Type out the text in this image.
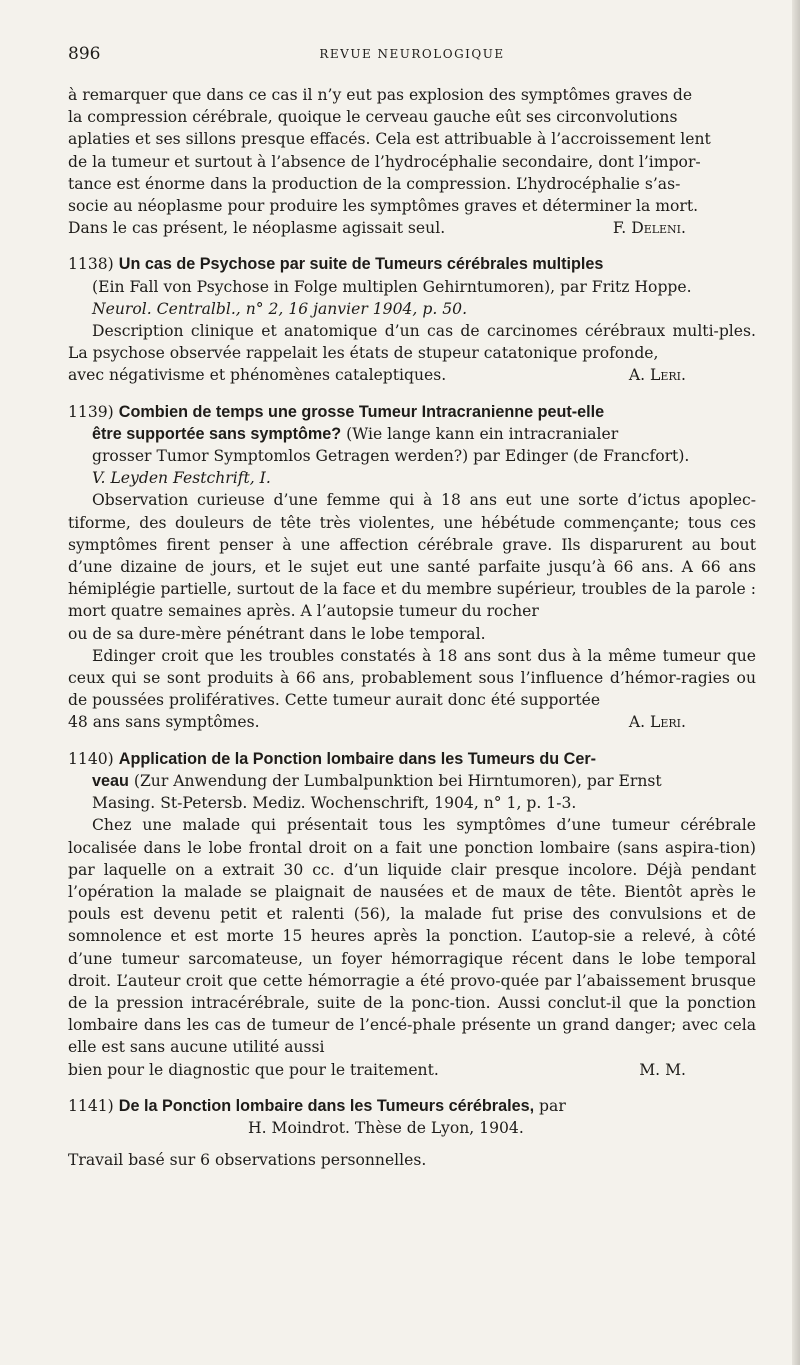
896	REVUE NEUROLOGIQUE

à remarquer que dans ce cas il n’y eut pas explosion des symptômes graves de

la compression cérébrale, quoique le cerveau gauche eût ses circonvolutions

aplaties et ses sillons presque effacés. Cela est attribuable à l’accroissement lent

de la tumeur et surtout à l’absence de l’hydrocéphalie secondaire, dont l’impor-

tance est énorme dans la production de la compression. L’hydrocéphalie s’as-

socie au néoplasme pour produire les symptômes graves et déterminer la mort.

Dans le cas présent, le néoplasme agissait seul.	F. Deleni.

1138) Un cas de Psychose par suite de Tumeurs cérébrales multiples

(Ein Fall von Psychose in Folge multiplen Gehirntumoren), par Fritz Hoppe.

Neurol. Centralbl., n° 2, 16 janvier 1904, p. 50.

Description clinique et anatomique d’un cas de carcinomes cérébraux multi-ples. La psychose observée rappelait les états de stupeur catatonique profonde,

avec négativisme et phénomènes cataleptiques.	A. Leri.

1139) Combien de temps une grosse Tumeur Intracranienne peut-elle

être supportée sans symptôme? (Wie lange kann ein intracranialer

grosser Tumor Symptomlos Getragen werden?) par Edinger (de Francfort).

V. Leyden Festchrift, I.

Observation curieuse d’une femme qui à 18 ans eut une sorte d’ictus apoplec-tiforme, des douleurs de tête très violentes, une hébétude commençante; tous ces symptômes firent penser à une affection cérébrale grave. Ils disparurent au bout d’une dizaine de jours, et le sujet eut une santé parfaite jusqu’à 66 ans. A 66 ans hémiplégie partielle, surtout de la face et du membre supérieur, troubles de la parole : mort quatre semaines après. A l’autopsie tumeur du rocher

ou de sa dure-mère pénétrant dans le lobe temporal.

Edinger croit que les troubles constatés à 18 ans sont dus à la même tumeur que ceux qui se sont produits à 66 ans, probablement sous l’influence d’hémor-ragies ou de poussées prolifératives. Cette tumeur aurait donc été supportée

48 ans sans symptômes.	A. Leri.

1140) Application de la Ponction lombaire dans les Tumeurs du Cer-

veau (Zur Anwendung der Lumbalpunktion bei Hirntumoren), par Ernst

Masing. St-Petersb. Mediz. Wochenschrift, 1904, n° 1, p. 1-3.

Chez une malade qui présentait tous les symptômes d’une tumeur cérébrale localisée dans le lobe frontal droit on a fait une ponction lombaire (sans aspira-tion) par laquelle on a extrait 30 cc. d’un liquide clair presque incolore. Déjà pendant l’opération la malade se plaignait de nausées et de maux de tête. Bientôt après le pouls est devenu petit et ralenti (56), la malade fut prise des convulsions et de somnolence et est morte 15 heures après la ponction. L’autop-sie a relevé, à côté d’une tumeur sarcomateuse, un foyer hémorragique récent dans le lobe temporal droit. L’auteur croit que cette hémorragie a été provo-quée par l’abaissement brusque de la pression intracérébrale, suite de la ponc-tion. Aussi conclut-il que la ponction lombaire dans les cas de tumeur de l’encé-phale présente un grand danger; avec cela elle est sans aucune utilité aussi

bien pour le diagnostic que pour le traitement.	M. M.

1141) De la Ponction lombaire dans les Tumeurs cérébrales, par

H. Moindrot. Thèse de Lyon, 1904.

Travail basé sur 6 observations personnelles.
